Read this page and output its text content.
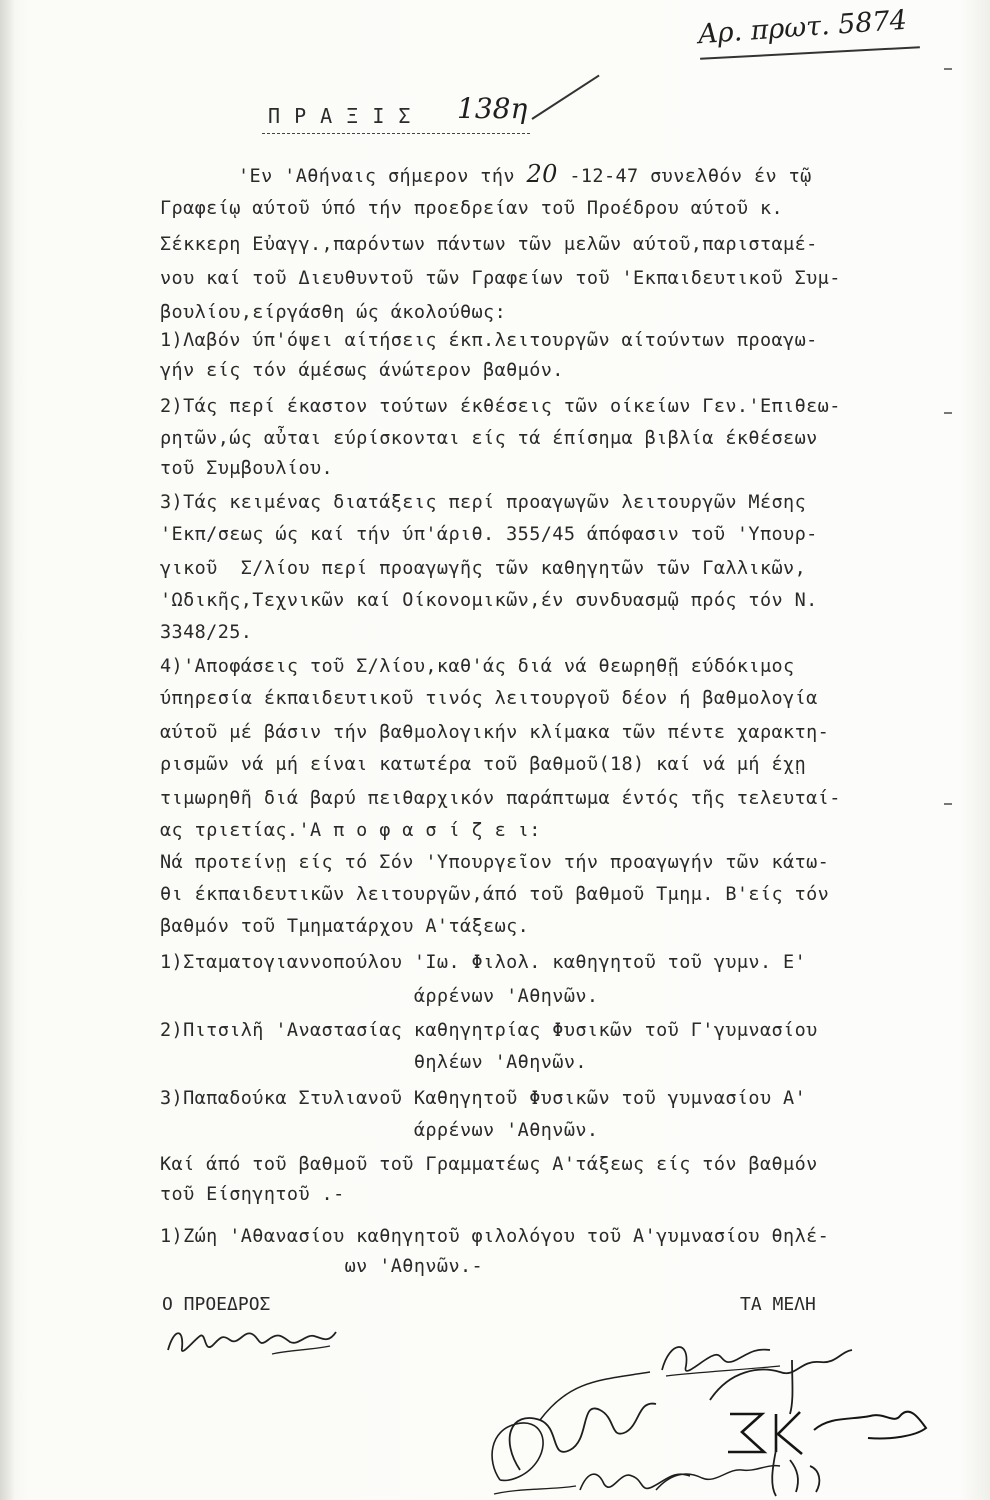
Αρ. πρωτ. 5874
Π Ρ Α Ξ Ι Σ 138η
'Εν 'Αθήναις σήμερον τήν 20 -12-47 συνελθόν έν τῷ
Γραφείῳ αύτοῦ ύπό τήν προεδρείαν τοῦ Προέδρου αύτοῦ κ.
Σέκκερη Εὐαγγ.,παρόντων πάντων τῶν μελῶν αύτοῦ,παρισταμέ-
νου καί τοῦ Διευθυντοῦ τῶν Γραφείων τοῦ 'Εκπαιδευτικοῦ Συμ-
βουλίου,είργάσθη ώς άκολούθως:
1)Λαβόν ύπ'όψει αίτήσεις έκπ.λειτουργῶν αίτούντων προαγω-
γήν είς τόν άμέσως άνώτερον βαθμόν.
2)Τάς περί έκαστον τούτων έκθέσεις τῶν οίκείων Γεν.'Επιθεω-
ρητῶν,ώς αὖται εύρίσκονται είς τά έπίσημα βιβλία έκθέσεων
τοῦ Συμβουλίου.
3)Τάς κειμένας διατάξεις περί προαγωγῶν λειτουργῶν Μέσης
'Εκπ/σεως ώς καί τήν ύπ'άριθ. 355/45 άπόφασιν τοῦ 'Υπουρ-
γικοῦ  Σ/λίου περί προαγωγῆς τῶν καθηγητῶν τῶν Γαλλικῶν,
'Ωδικῆς,Τεχνικῶν καί Οίκονομικῶν,έν συνδυασμῷ πρός τόν Ν.
3348/25.
4)'Αποφάσεις τοῦ Σ/λίου,καθ'άς διά νά θεωρηθῇ εύδόκιμος
ύπηρεσία έκπαιδευτικοῦ τινός λειτουργοῦ δέον ή βαθμολογία
αύτοῦ μέ βάσιν τήν βαθμολογικήν κλίμακα τῶν πέντε χαρακτη-
ρισμῶν νά μή είναι κατωτέρα τοῦ βαθμοῦ(18) καί νά μή έχῃ
τιμωρηθῆ διά βαρύ πειθαρχικόν παράπτωμα έντός τῆς τελευταί-
ας τριετίας.'Α π ο φ α σ ί ζ ε ι:
Νά προτείνῃ είς τό Σόν 'Υπουργεῖον τήν προαγωγήν τῶν κάτω-
θι έκπαιδευτικῶν λειτουργῶν,άπό τοῦ βαθμοῦ Τμημ. Β'είς τόν
βαθμόν τοῦ Τμηματάρχου Α'τάξεως.
1)Σταματογιαννοπούλου 'Ιω. Φιλολ. καθηγητοῦ τοῦ γυμν. Ε'
άρρένων 'Αθηνῶν.
2)Πιτσιλῆ 'Αναστασίας καθηγητρίας Φυσικῶν τοῦ Γ'γυμνασίου
θηλέων 'Αθηνῶν.
3)Παπαδούκα Στυλιανοῦ Καθηγητοῦ Φυσικῶν τοῦ γυμνασίου Α'
άρρένων 'Αθηνῶν.
Καί άπό τοῦ βαθμοῦ τοῦ Γραμματέως Α'τάξεως είς τόν βαθμόν
τοῦ Είσηγητοῦ .-
1)Ζώη 'Αθανασίου καθηγητοῦ φιλολόγου τοῦ Α'γυμνασίου θηλέ-
ων 'Αθηνῶν.-
Ο ΠΡΟΕΔΡΟΣ	ΤΑ ΜΕΛΗ
